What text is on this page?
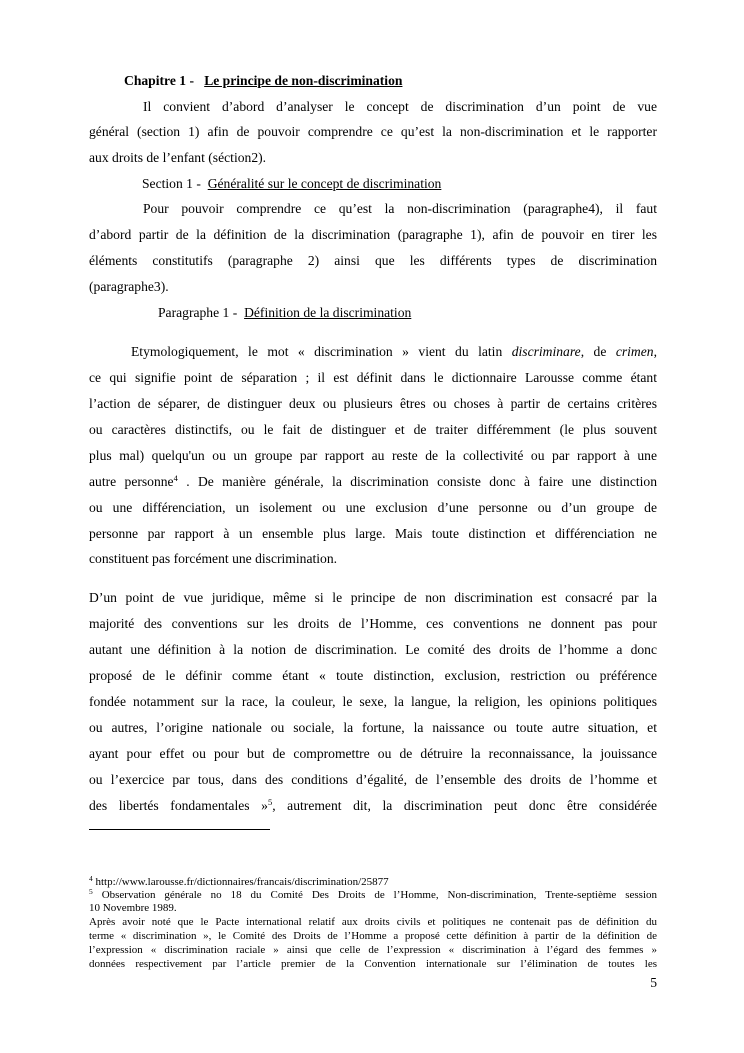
Chapitre 1 - Le principe de non-discrimination
Il convient d’abord d’analyser le concept de discrimination d’un point de vue
général (section 1) afin de pouvoir comprendre ce qu’est la non-discrimination et le rapporter
aux droits de l’enfant (séction2).
Section 1 - Généralité sur le concept de discrimination
Pour pouvoir comprendre ce qu’est la non-discrimination (paragraphe4), il faut
d’abord partir de la définition de la discrimination (paragraphe 1), afin de pouvoir en tirer les
éléments constitutifs (paragraphe 2) ainsi que les différents types de discrimination
(paragraphe3).
Paragraphe 1 - Définition de la discrimination
Etymologiquement, le mot « discrimination » vient du latin discriminare, de crimen,
ce qui signifie point de séparation ; il est définit dans le dictionnaire Larousse comme étant
l’action de séparer, de distinguer deux ou plusieurs êtres ou choses à partir de certains critères
ou caractères distinctifs, ou le fait de distinguer et de traiter différemment (le plus souvent
plus mal) quelqu'un ou un groupe par rapport au reste de la collectivité ou par rapport à une
autre personne$^4$ . De manière générale, la discrimination consiste donc à faire une distinction
ou une différenciation, un isolement ou une exclusion d’une personne ou d’un groupe de
personne par rapport à un ensemble plus large. Mais toute distinction et différenciation ne
constituent pas forcément une discrimination.
D’un point de vue juridique, même si le principe de non discrimination est consacré par la
majorité des conventions sur les droits de l’Homme, ces conventions ne donnent pas pour
autant une définition à la notion de discrimination. Le comité des droits de l’homme a donc
proposé de le définir comme étant « toute distinction, exclusion, restriction ou préférence
fondée notamment sur la race, la couleur, le sexe, la langue, la religion, les opinions politiques
ou autres, l’origine nationale ou sociale, la fortune, la naissance ou toute autre situation, et
ayant pour effet ou pour but de compromettre ou de détruire la reconnaissance, la jouissance
ou l’exercice par tous, dans des conditions d’égalité, de l’ensemble des droits de l’homme et
des libertés fondamentales »$^5$, autrement dit, la discrimination peut donc être considérée
$^4$ http://www.larousse.fr/dictionnaires/francais/discrimination/25877
$^5$ Observation générale no 18 du Comité Des Droits de l’Homme, Non-discrimination, Trente-septième session
10 Novembre 1989.
Après avoir noté que le Pacte international relatif aux droits civils et politiques ne contenait pas de définition du
terme « discrimination », le Comité des Droits de l’Homme a proposé cette définition à partir de la définition de
l’expression « discrimination raciale » ainsi que celle de l’expression « discrimination à l’égard des femmes »
données respectivement par l’article premier de la Convention internationale sur l’élimination de toutes les
5
